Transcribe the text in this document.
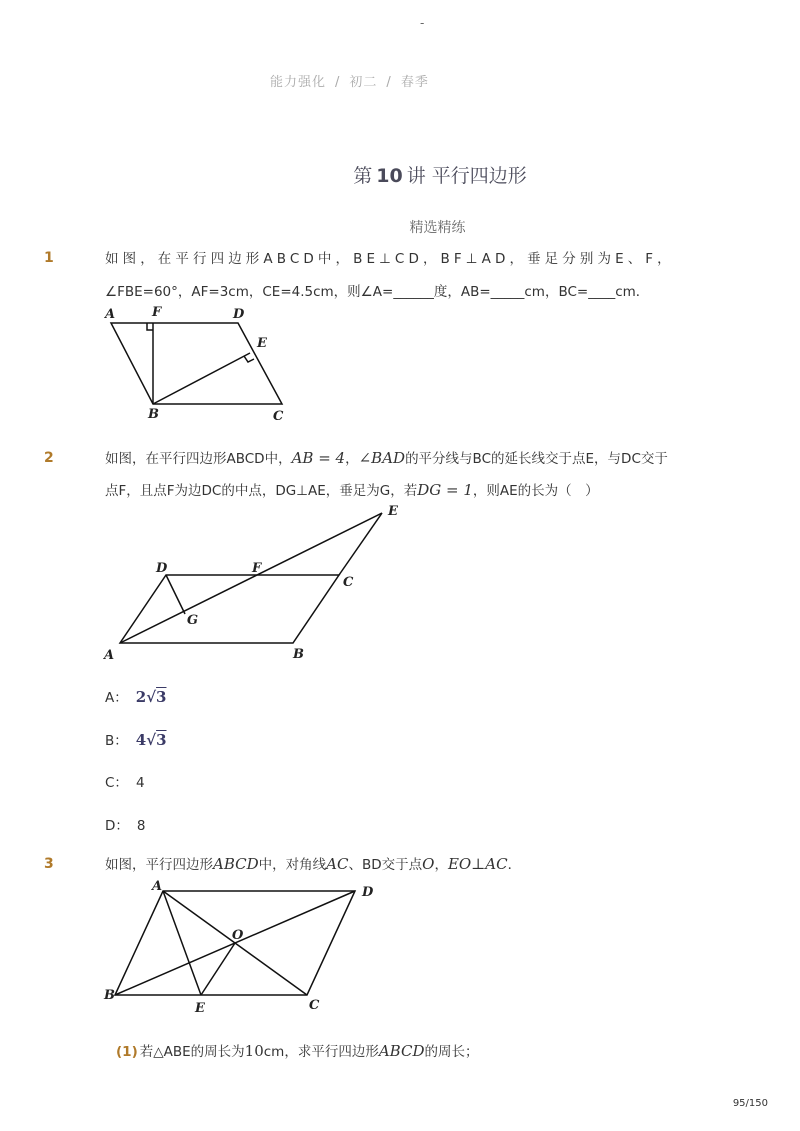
-
能力强化 / 初二 / 春季
第 10 讲 平行四边形
精选精练
1	如图，在平行四边形ABCD中，BE⊥CD，BF⊥AD，垂足分别为E、F，
∠FBE=60°，AF=3cm，CE=4.5cm，则∠A=______度，AB=_____cm，BC=____cm．
A	F	D
E
B	C
2	如图，在平行四边形ABCD中，AB = 4，∠BAD的平分线与BC的延长线交于点E，与DC交于
点F，且点F为边DC的中点，DG⊥AE，垂足为G，若DG = 1，则AE的长为（　）
E
D	F
C
G
A	B
A： 2√3
B： 4√3
C： 4
D： 8
3	如图，平行四边形ABCD中，对角线AC、BD交于点O，EO⊥AC．
A	D
O
B
E	C
(1) 若△ABE的周长为10cm，求平行四边形ABCD的周长；
95/150
